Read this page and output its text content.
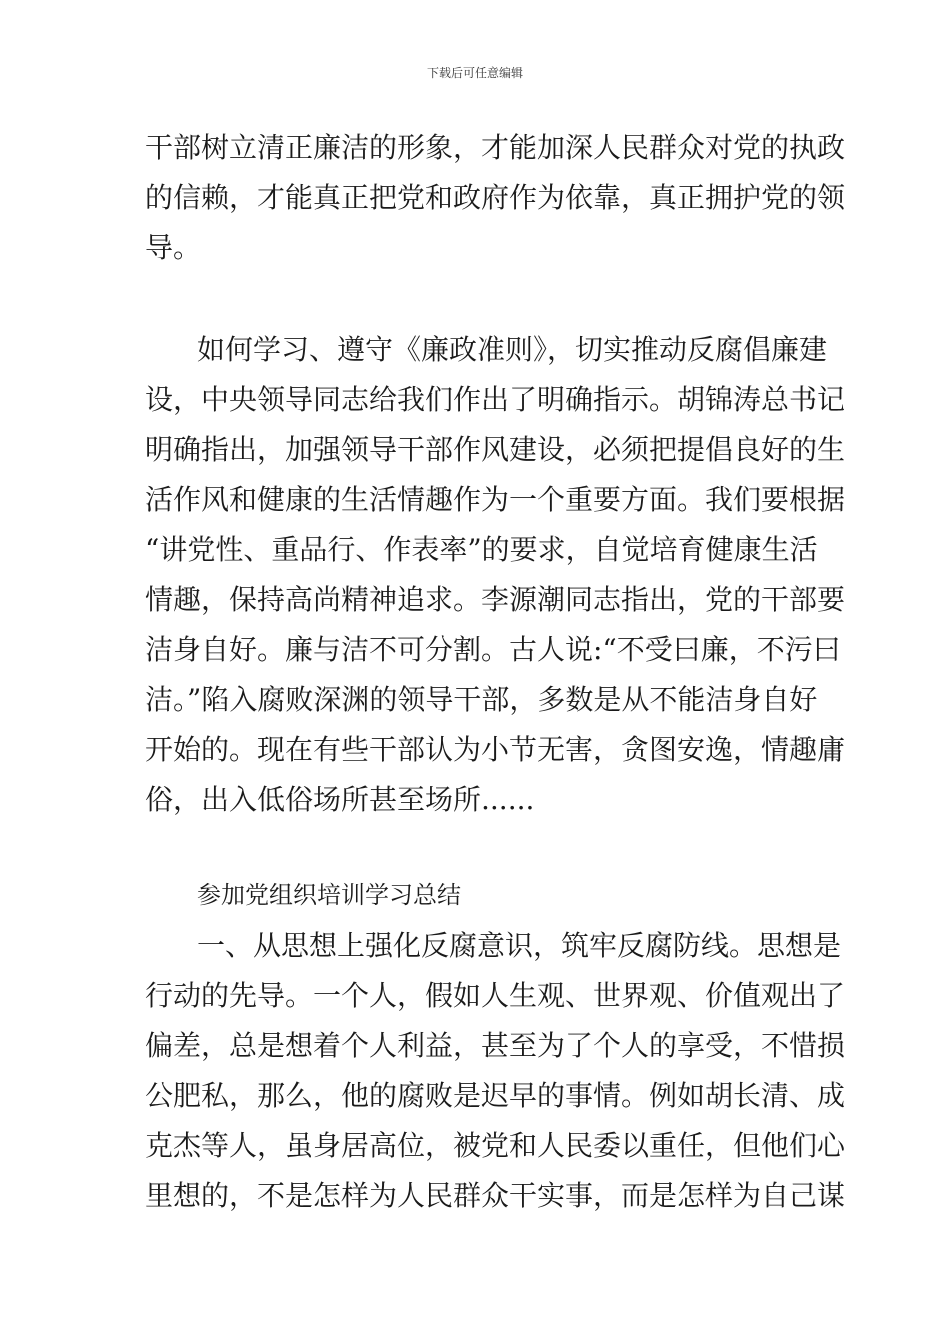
下载后可任意编辑
干部树立清正廉洁的形象，才能加深人民群众对党的执政
的信赖，才能真正把党和政府作为依靠，真正拥护党的领
导。
如何学习、遵守《廉政准则》，切实推动反腐倡廉建
设，中央领导同志给我们作出了明确指示。胡锦涛总书记
明确指出，加强领导干部作风建设，必须把提倡良好的生
活作风和健康的生活情趣作为一个重要方面。我们要根据
“讲党性、重品行、作表率”的要求，自觉培育健康生活
情趣，保持高尚精神追求。李源潮同志指出，党的干部要
洁身自好。廉与洁不可分割。古人说:“不受曰廉，不污曰
洁。”陷入腐败深渊的领导干部，多数是从不能洁身自好
开始的。现在有些干部认为小节无害，贪图安逸，情趣庸
俗，出入低俗场所甚至场所......
参加党组织培训学习总结
一、从思想上强化反腐意识，筑牢反腐防线。思想是
行动的先导。一个人，假如人生观、世界观、价值观出了
偏差，总是想着个人利益，甚至为了个人的享受，不惜损
公肥私，那么，他的腐败是迟早的事情。例如胡长清、成
克杰等人，虽身居高位，被党和人民委以重任，但他们心
里想的，不是怎样为人民群众干实事，而是怎样为自己谋
